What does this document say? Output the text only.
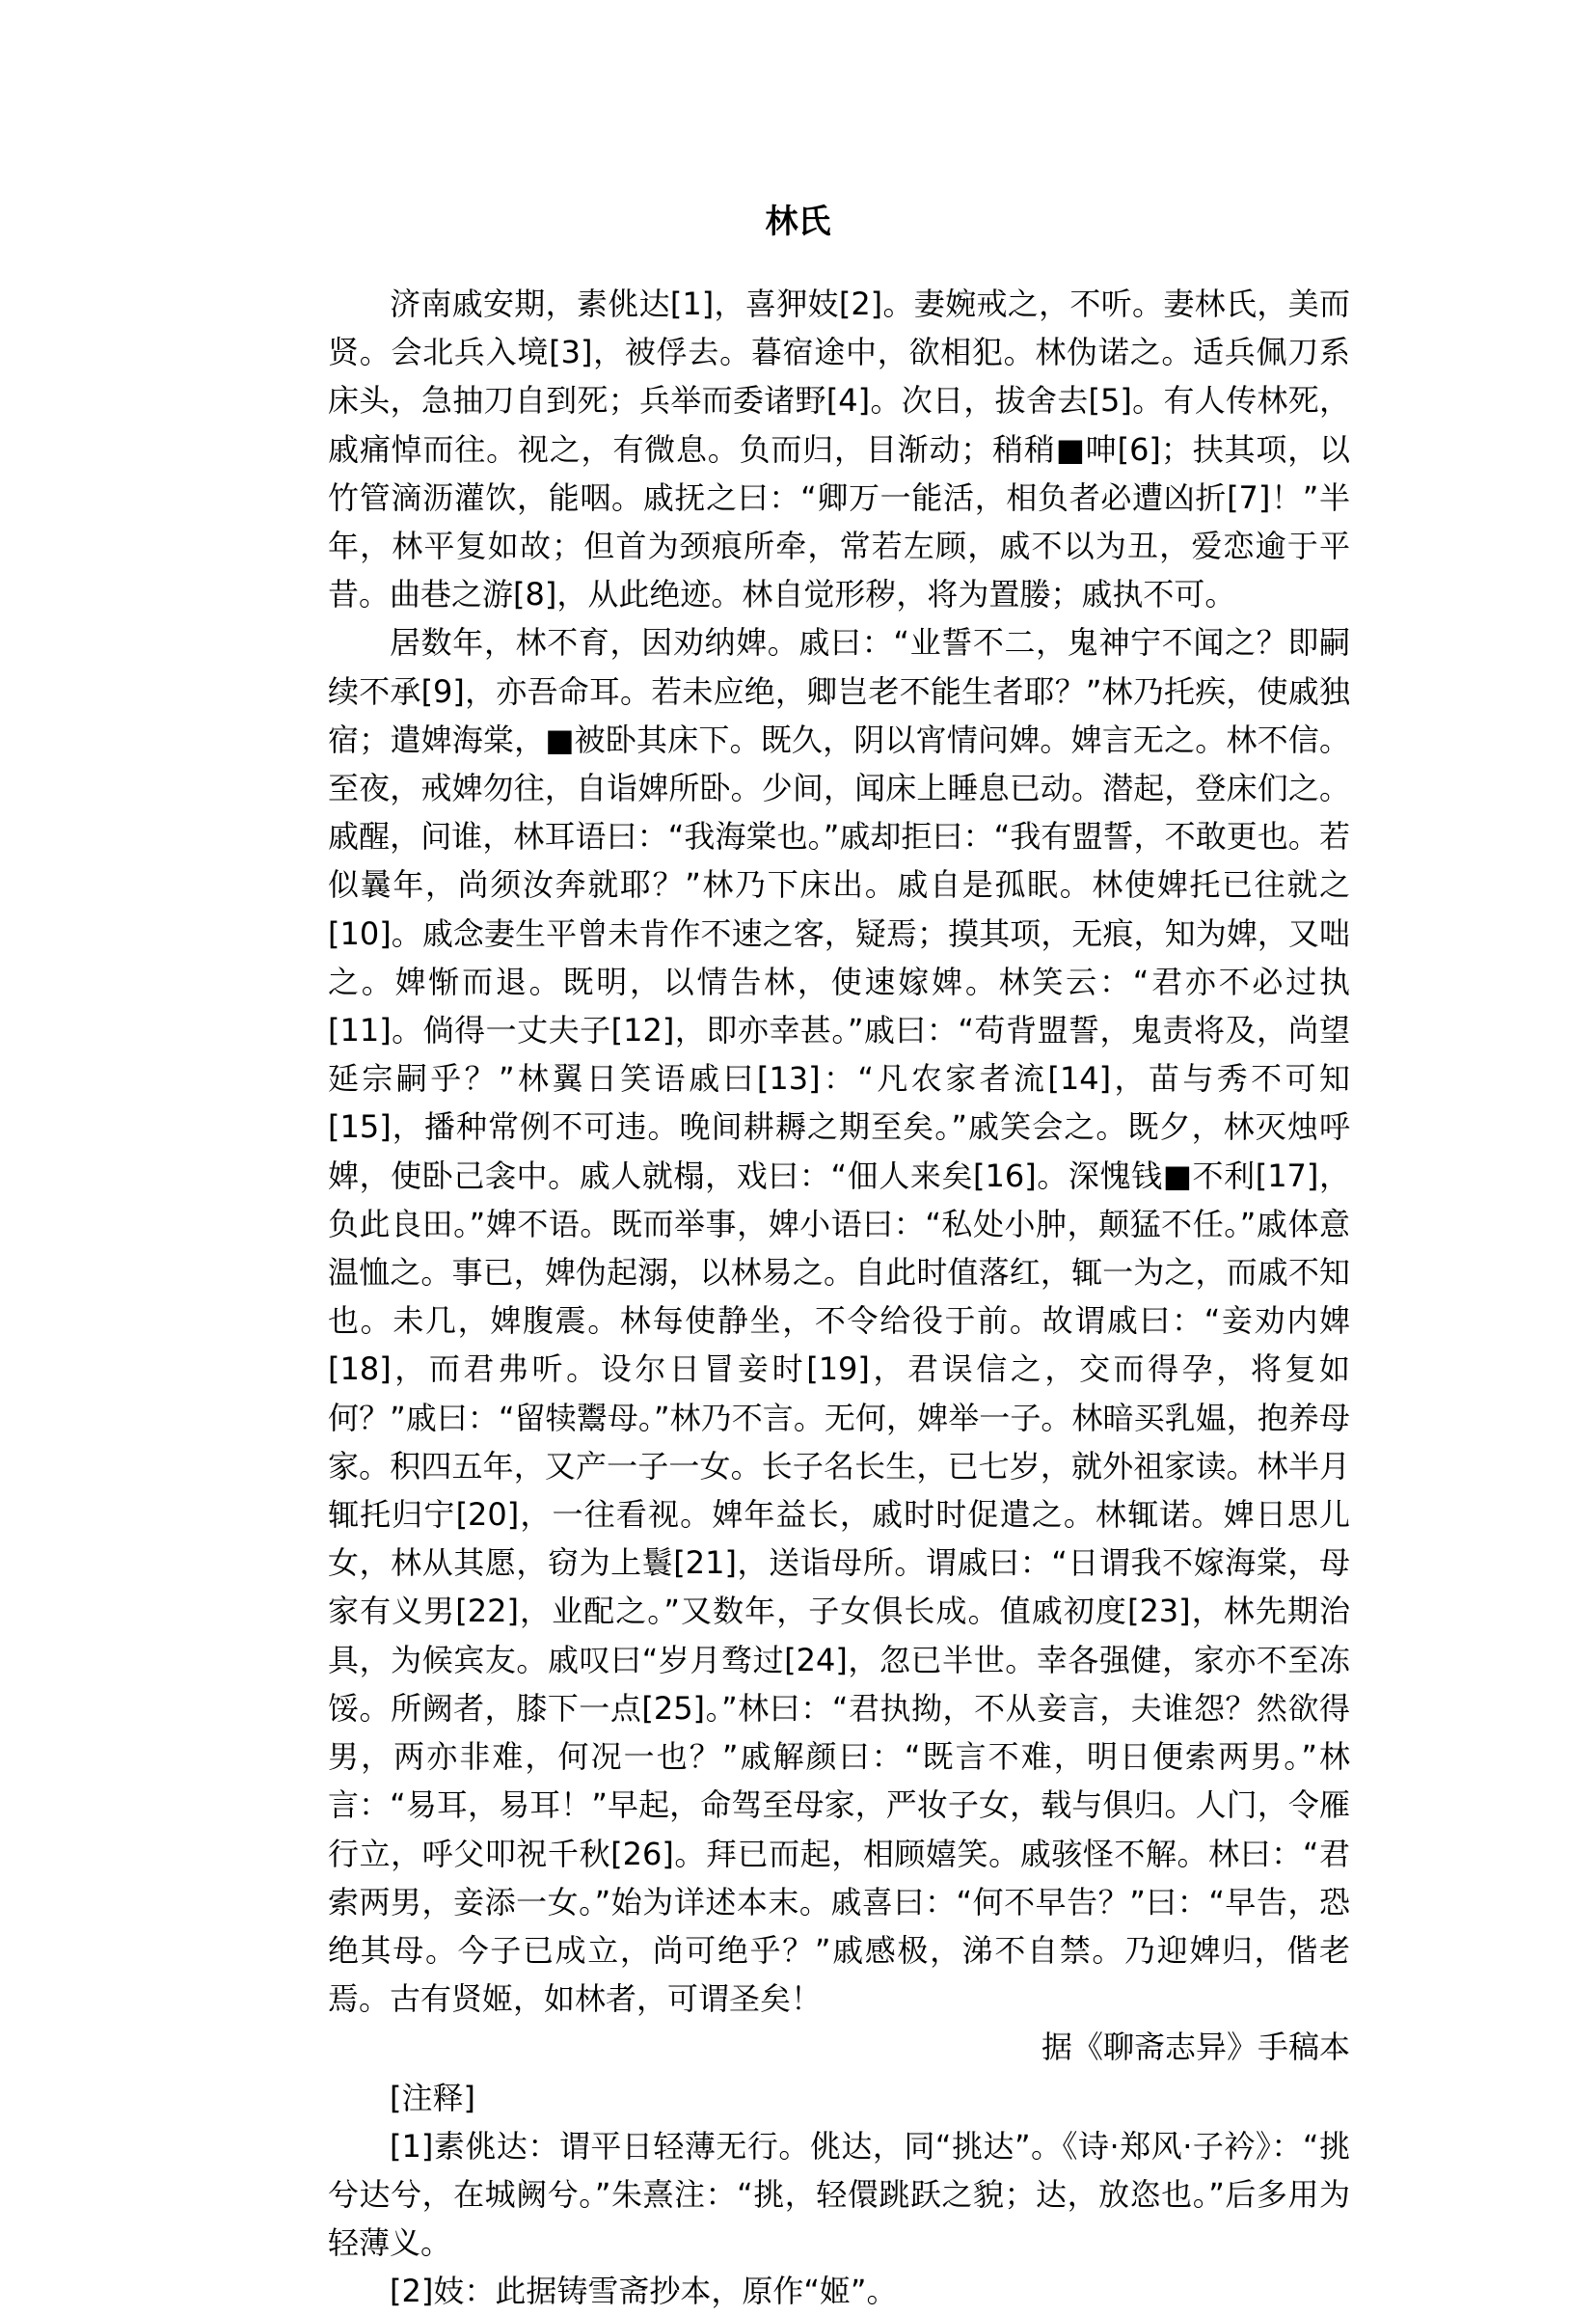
林氏

济南戚安期，素佻达[1]，喜狎妓[2]。妻婉戒之，不听。妻林氏，美而贤。会北兵入境[3]，被俘去。暮宿途中，欲相犯。林伪诺之。适兵佩刀系床头，急抽刀自到死；兵举而委诸野[4]。次日，拔舍去[5]。有人传林死，戚痛悼而往。视之，有微息。负而归，目渐动；稍稍■呻[6]；扶其项，以竹管滴沥灌饮，能咽。戚抚之曰：“卿万一能活，相负者必遭凶折[7]！”半年，林平复如故；但首为颈痕所牵，常若左顾，戚不以为丑，爱恋逾于平昔。曲巷之游[8]，从此绝迹。林自觉形秽，将为置媵；戚执不可。

居数年，林不育，因劝纳婢。戚曰：“业誓不二，鬼神宁不闻之？即嗣续不承[9]，亦吾命耳。若未应绝，卿岂老不能生者耶？”林乃托疾，使戚独宿；遣婢海棠，■被卧其床下。既久，阴以宵情问婢。婢言无之。林不信。至夜，戒婢勿往，自诣婢所卧。少间，闻床上睡息已动。潜起，登床们之。戚醒，问谁，林耳语曰：“我海棠也。”戚却拒曰：“我有盟誓，不敢更也。若似曩年，尚须汝奔就耶？”林乃下床出。戚自是孤眠。林使婢托已往就之[10]。戚念妻生平曾未肯作不速之客，疑焉；摸其项，无痕，知为婢，又咄之。婢惭而退。既明，以情告林，使速嫁婢。林笑云：“君亦不必过执[11]。倘得一丈夫子[12]，即亦幸甚。”戚曰：“苟背盟誓，鬼责将及，尚望延宗嗣乎？”林翼日笑语戚曰[13]：“凡农家者流[14]，苗与秀不可知[15]，播种常例不可违。晚间耕耨之期至矣。”戚笑会之。既夕，林灭烛呼婢，使卧己衾中。戚人就榻，戏曰：“佃人来矣[16]。深愧钱■不利[17]，负此良田。”婢不语。既而举事，婢小语曰：“私处小肿，颠猛不任。”戚体意温恤之。事已，婢伪起溺，以林易之。自此时值落红，辄一为之，而戚不知也。未几，婢腹震。林每使静坐，不令给役于前。故谓戚曰：“妾劝内婢[18]，而君弗听。设尔日冒妾时[19]，君误信之，交而得孕，将复如何？”戚曰：“留犊鬻母。”林乃不言。无何，婢举一子。林暗买乳媪，抱养母家。积四五年，又产一子一女。长子名长生，已七岁，就外祖家读。林半月辄托归宁[20]，一往看视。婢年益长，戚时时促遣之。林辄诺。婢日思儿女，林从其愿，窃为上鬟[21]，送诣母所。谓戚曰：“日谓我不嫁海棠，母家有义男[22]，业配之。”又数年，子女俱长成。值戚初度[23]，林先期治具，为候宾友。戚叹曰“岁月骛过[24]，忽已半世。幸各强健，家亦不至冻馁。所阙者，膝下一点[25]。”林曰：“君执拗，不从妾言，夫谁怨？然欲得男，两亦非难，何况一也？”戚解颜曰：“既言不难，明日便索两男。”林言：“易耳，易耳！”早起，命驾至母家，严妆子女，载与俱归。人门，令雁行立，呼父叩祝千秋[26]。拜已而起，相顾嬉笑。戚骇怪不解。林曰：“君索两男，妾添一女。”始为详述本末。戚喜曰：“何不早告？”曰：“早告，恐绝其母。今子已成立，尚可绝乎？”戚感极，涕不自禁。乃迎婢归，偕老焉。古有贤姬，如林者，可谓圣矣！

据《聊斋志异》手稿本

[注释]

[1]素佻达：谓平日轻薄无行。佻达，同“挑达”。《诗·郑风·子衿》：“挑兮达兮，在城阙兮。”朱熹注：“挑，轻儇跳跃之貌；达，放恣也。”后多用为轻薄义。

[2]妓：此据铸雪斋抄本，原作“姬”。
